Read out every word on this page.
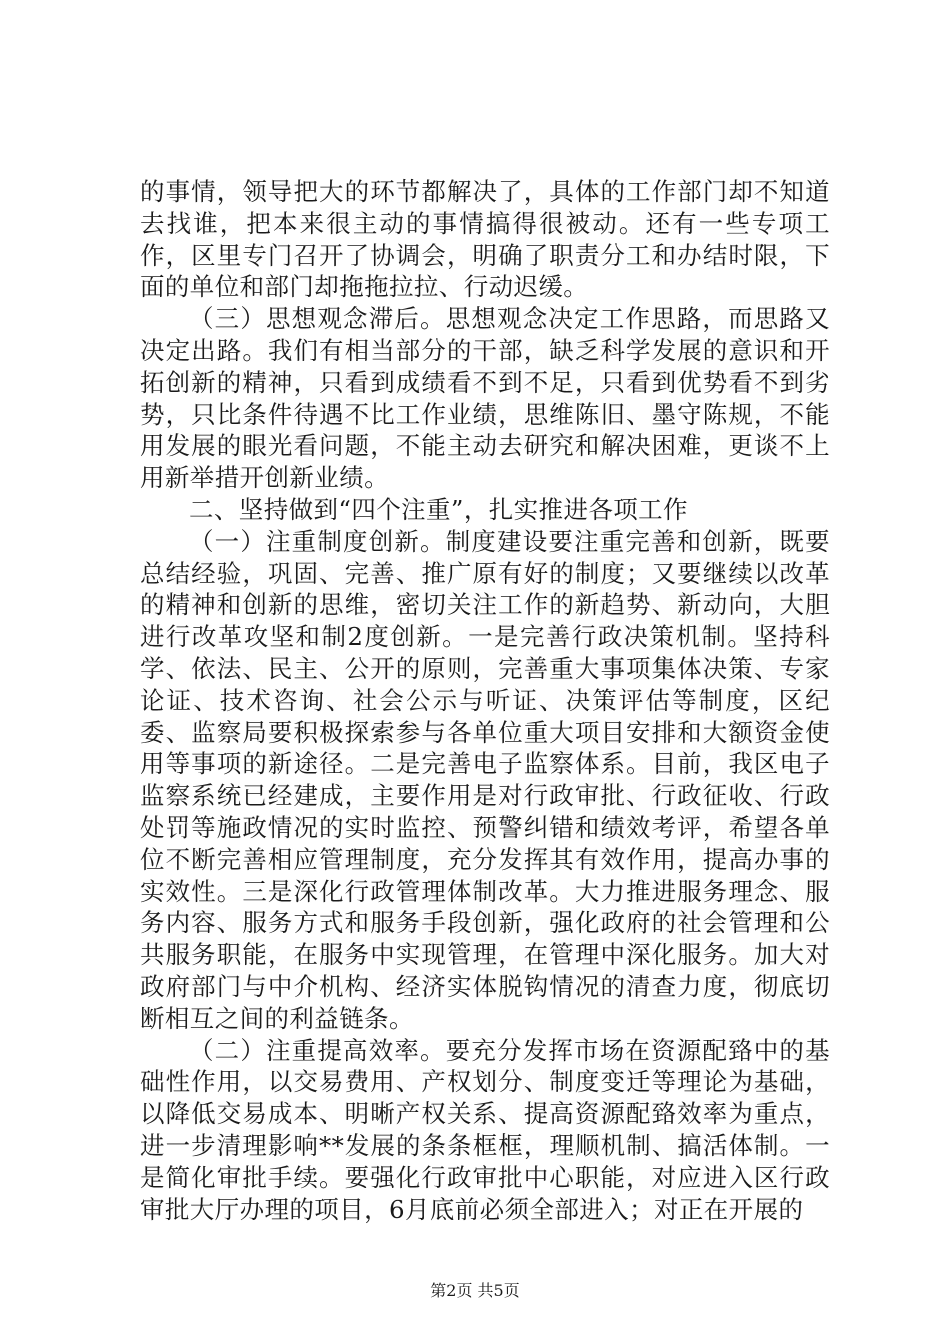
的事情，领导把大的环节都解决了，具体的工作部门却不知道去找谁，把本来很主动的事情搞得很被动。还有一些专项工作，区里专门召开了协调会，明确了职责分工和办结时限，下面的单位和部门却拖拖拉拉、行动迟缓。

（三）思想观念滞后。思想观念决定工作思路，而思路又决定出路。我们有相当部分的干部，缺乏科学发展的意识和开拓创新的精神，只看到成绩看不到不足，只看到优势看不到劣势，只比条件待遇不比工作业绩，思维陈旧、墨守陈规，不能用发展的眼光看问题，不能主动去研究和解决困难，更谈不上用新举措开创新业绩。

二、坚持做到“四个注重”，扎实推进各项工作

（一）注重制度创新。制度建设要注重完善和创新，既要总结经验，巩固、完善、推广原有好的制度；又要继续以改革的精神和创新的思维，密切关注工作的新趋势、新动向，大胆进行改革攻坚和制2度创新。一是完善行政决策机制。坚持科学、依法、民主、公开的原则，完善重大事项集体决策、专家论证、技术咨询、社会公示与听证、决策评估等制度，区纪委、监察局要积极探索参与各单位重大项目安排和大额资金使用等事项的新途径。二是完善电子监察体系。目前，我区电子监察系统已经建成，主要作用是对行政审批、行政征收、行政处罚等施政情况的实时监控、预警纠错和绩效考评，希望各单位不断完善相应管理制度，充分发挥其有效作用，提高办事的实效性。三是深化行政管理体制改革。大力推进服务理念、服务内容、服务方式和服务手段创新，强化政府的社会管理和公共服务职能，在服务中实现管理，在管理中深化服务。加大对政府部门与中介机构、经济实体脱钩情况的清查力度，彻底切断相互之间的利益链条。

（二）注重提高效率。要充分发挥市场在资源配臵中的基础性作用，以交易费用、产权划分、制度变迁等理论为基础，以降低交易成本、明晰产权关系、提高资源配臵效率为重点，进一步清理影响**发展的条条框框，理顺机制、搞活体制。一是简化审批手续。要强化行政审批中心职能，对应进入区行政审批大厅办理的项目，6月底前必须全部进入；对正在开展的

第2页 共5页
